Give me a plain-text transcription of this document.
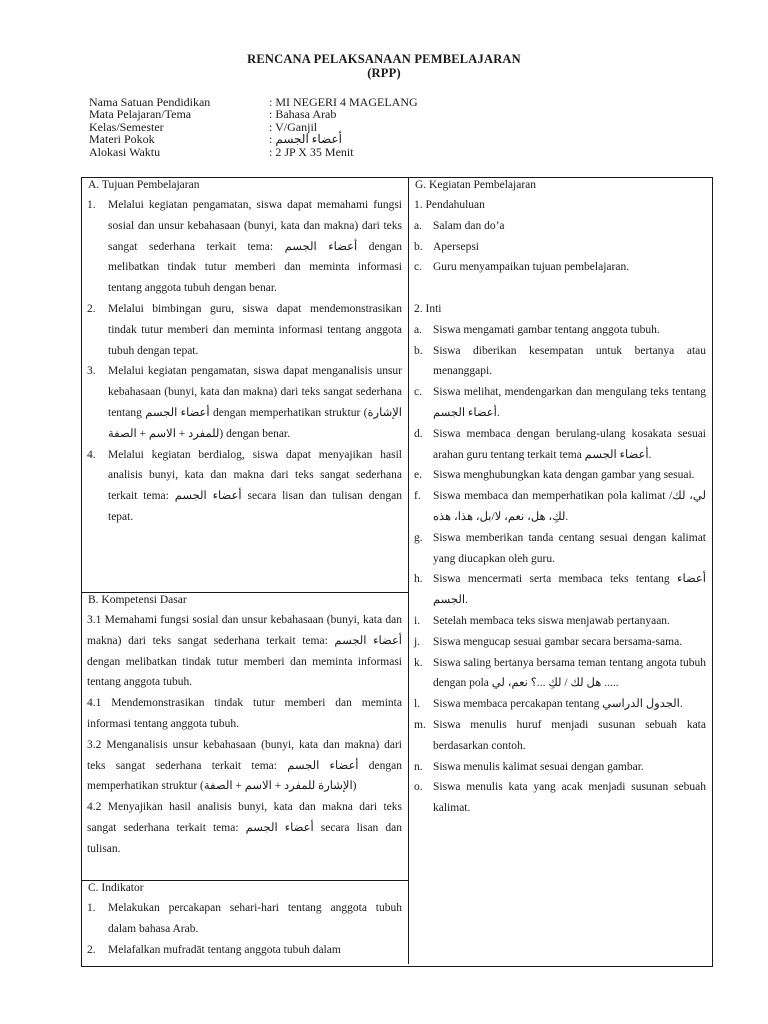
RENCANA PELAKSANAAN PEMBELAJARAN
(RPP)
Nama Satuan Pendidikan	: MI NEGERI 4 MAGELANG
Mata Pelajaran/Tema	: Bahasa Arab
Kelas/Semester	: V/Ganjil
Materi Pokok	: أعضاء الجسم
Alokasi Waktu	: 2 JP X 35 Menit
A. Tujuan Pembelajaran
1.	Melalui kegiatan pengamatan, siswa dapat memahami fungsi sosial dan unsur kebahasaan (bunyi, kata dan makna) dari teks sangat sederhana terkait tema: أعضاء الجسم dengan melibatkan tindak tutur memberi dan meminta informasi tentang anggota tubuh dengan benar.
2.	Melalui bimbingan guru, siswa dapat mendemonstrasikan tindak tutur memberi dan meminta informasi tentang anggota tubuh dengan tepat.
3.	Melalui kegiatan pengamatan, siswa dapat menganalisis unsur kebahasaan (bunyi, kata dan makna) dari teks sangat sederhana tentang أعضاء الجسم dengan memperhatikan struktur (الإشارة للمفرد + الاسم + الصفة) dengan benar.
4.	Melalui kegiatan berdialog, siswa dapat menyajikan hasil analisis bunyi, kata dan makna dari teks sangat sederhana terkait tema: أعضاء الجسم secara lisan dan tulisan dengan tepat.
B. Kompetensi Dasar
3.1 Memahami fungsi sosial dan unsur kebahasaan (bunyi, kata dan makna) dari teks sangat sederhana terkait tema: أعضاء الجسم dengan melibatkan tindak tutur memberi dan meminta informasi tentang anggota tubuh.
4.1 Mendemonstrasikan tindak tutur memberi dan meminta informasi tentang anggota tubuh.
3.2 Menganalisis unsur kebahasaan (bunyi, kata dan makna) dari teks sangat sederhana terkait tema: أعضاء الجسم dengan memperhatikan struktur (الإشارة للمفرد + الاسم + الصفة)
4.2 Menyajikan hasil analisis bunyi, kata dan makna dari teks sangat sederhana terkait tema: أعضاء الجسم secara lisan dan tulisan.
C. Indikator
1.	Melakukan percakapan sehari-hari tentang anggota tubuh dalam bahasa Arab.
2.	Melafalkan mufradāt tentang anggota tubuh dalam
G. Kegiatan Pembelajaran
1. Pendahuluan
a. Salam dan do’a
b. Apersepsi
c. Guru menyampaikan tujuan pembelajaran.
2. Inti
a. Siswa mengamati gambar tentang anggota tubuh.
b. Siswa diberikan kesempatan untuk bertanya atau menanggapi.
c. Siswa melihat, mendengarkan dan mengulang teks tentang أعضاء الجسم.
d. Siswa membaca dengan berulang-ulang kosakata sesuai arahan guru tentang terkait tema أعضاء الجسم.
e. Siswa menghubungkan kata dengan gambar yang sesuai.
f.	Siswa membaca dan memperhatikan pola kalimat لي، لك/لكِ، هل، نعم، لا/بل، هذا، هذه.
g. Siswa memberikan tanda centang sesuai dengan kalimat yang diucapkan oleh guru.
h. Siswa mencermati serta membaca teks tentang أعضاء الجسم.
i.	Setelah membaca teks siswa menjawab pertanyaan.
j.	Siswa mengucap sesuai gambar secara bersama-sama.
k. Siswa saling bertanya bersama teman tentang angota tubuh dengan pola هل لك / لكِ ...؟ نعم، لي .....
l.	Siswa membaca percakapan tentang الجدول الدراسي.
m. Siswa menulis huruf menjadi susunan sebuah kata berdasarkan contoh.
n. Siswa menulis kalimat sesuai dengan gambar.
o. Siswa menulis kata yang acak menjadi susunan sebuah kalimat.
